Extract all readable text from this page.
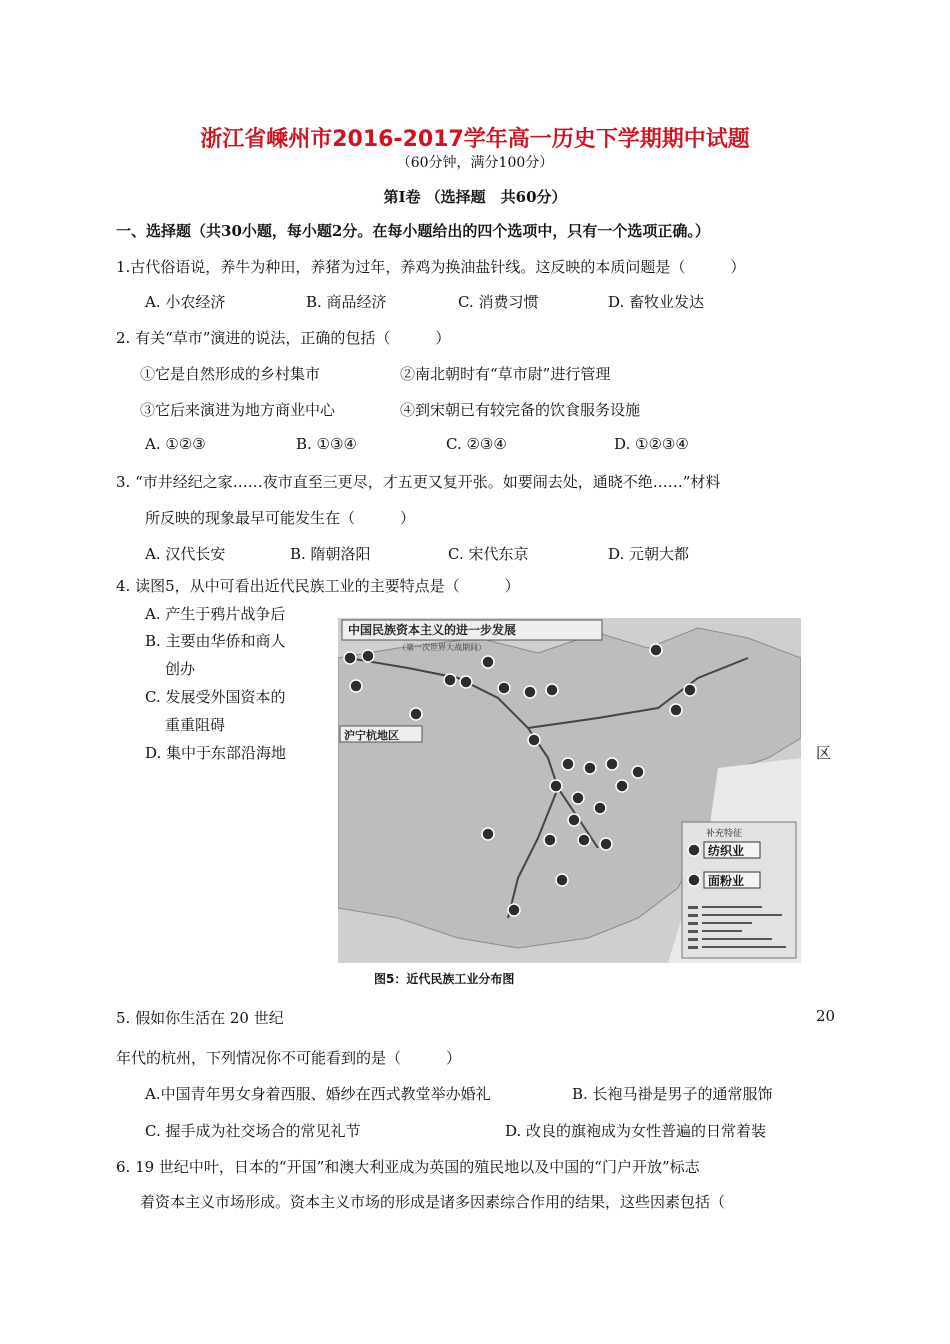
浙江省嵊州市2016-2017学年高一历史下学期期中试题
（60分钟，满分100分）
第Ⅰ卷 （选择题　共60分）
一、选择题（共30小题，每小题2分。在每小题给出的四个选项中，只有一个选项正确。）
1.古代俗语说，养牛为种田，养猪为过年，养鸡为换油盐针线。这反映的本质问题是（　　　）
A. 小农经济	B. 商品经济	C. 消费习惯	D. 畜牧业发达
2. 有关“草市”演进的说法，正确的包括（　　　）
①它是自然形成的乡村集市	②南北朝时有“草市尉”进行管理
③它后来演进为地方商业中心	④到宋朝已有较完备的饮食服务设施
A. ①②③	B. ①③④	C. ②③④	D. ①②③④
3. “市井经纪之家……夜市直至三更尽，才五更又复开张。如要闹去处，通晓不绝……”材料
所反映的现象最早可能发生在（　　　）
A. 汉代长安	B. 隋朝洛阳	C. 宋代东京	D. 元朝大都
4. 读图5，从中可看出近代民族工业的主要特点是（　　　）
A. 产生于鸦片战争后
B. 主要由华侨和商人
创办
C. 发展受外国资本的
重重阻碍
D. 集中于东部沿海地	区
中国民族资本主义的进一步发展
（第一次世界大战期间）
沪宁杭地区
补充特征
纺织业
面粉业
图5：近代民族工业分布图
5. 假如你生活在 20 世纪	20
年代的杭州，下列情况你不可能看到的是（　　　）
A.中国青年男女身着西服、婚纱在西式教堂举办婚礼	B. 长袍马褂是男子的通常服饰
C. 握手成为社交场合的常见礼节	D. 改良的旗袍成为女性普遍的日常着装
6. 19 世纪中叶，日本的“开国”和澳大利亚成为英国的殖民地以及中国的“门户开放”标志
着资本主义市场形成。资本主义市场的形成是诸多因素综合作用的结果，这些因素包括（
